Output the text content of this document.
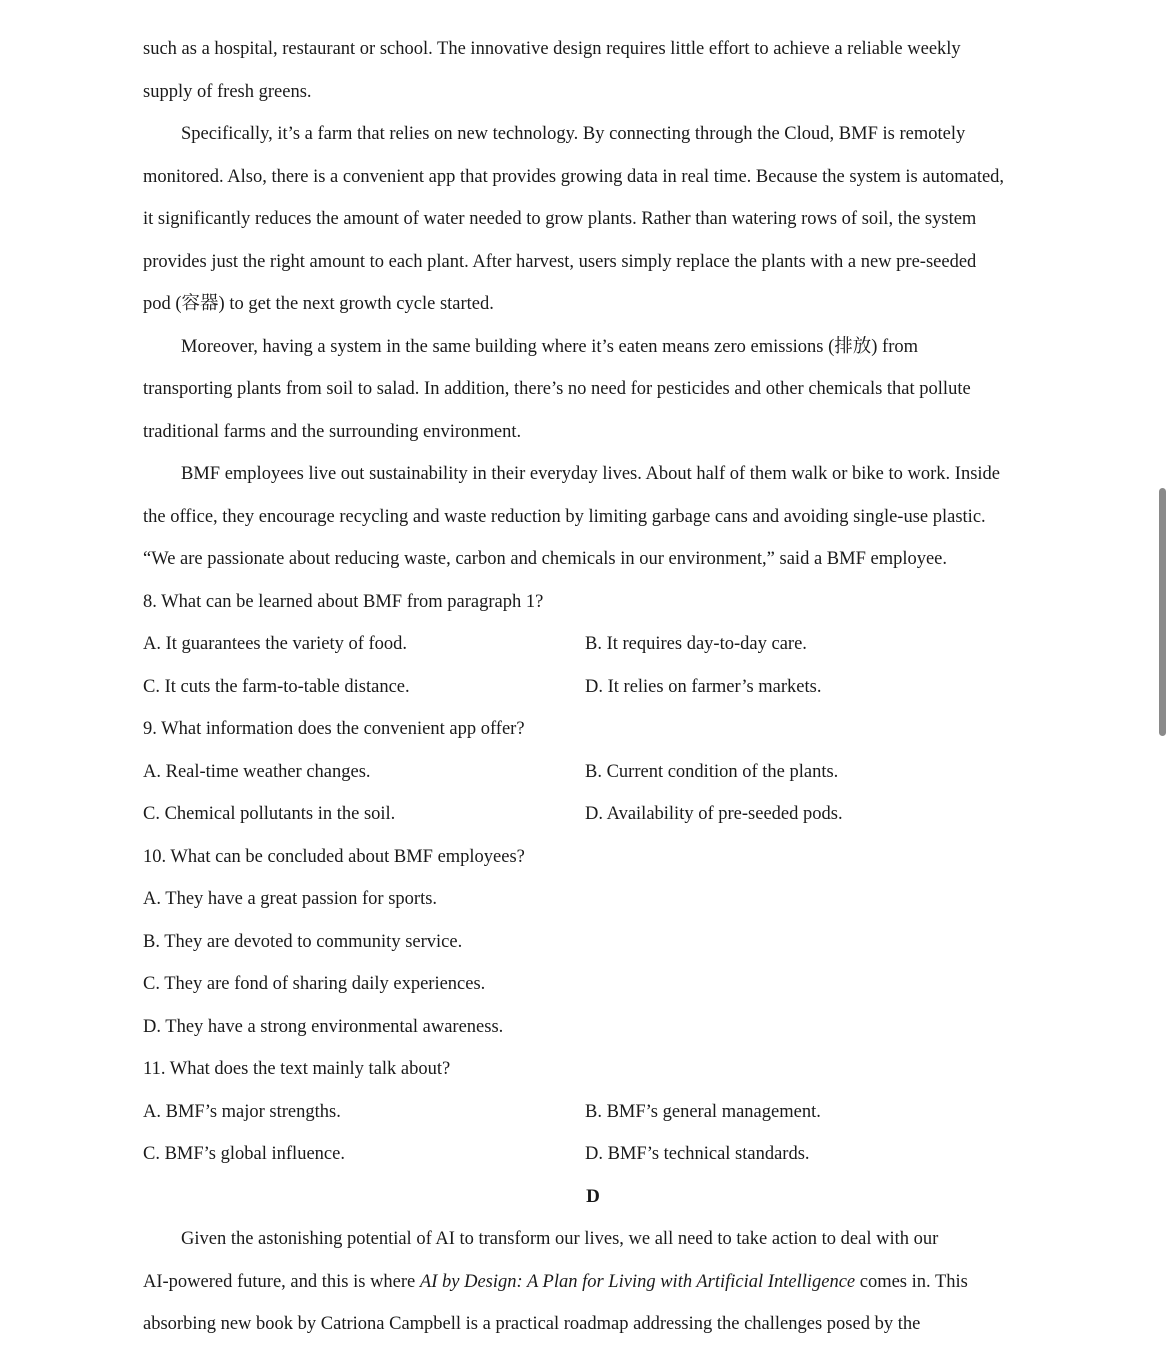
such as a hospital, restaurant or school. The innovative design requires little effort to achieve a reliable weekly
supply of fresh greens.
Specifically, it’s a farm that relies on new technology. By connecting through the Cloud, BMF is remotely
monitored. Also, there is a convenient app that provides growing data in real time. Because the system is automated,
it significantly reduces the amount of water needed to grow plants. Rather than watering rows of soil, the system
provides just the right amount to each plant. After harvest, users simply replace the plants with a new pre-seeded
pod (容器) to get the next growth cycle started.
Moreover, having a system in the same building where it’s eaten means zero emissions (排放) from
transporting plants from soil to salad. In addition, there’s no need for pesticides and other chemicals that pollute
traditional farms and the surrounding environment.
BMF employees live out sustainability in their everyday lives. About half of them walk or bike to work. Inside
the office, they encourage recycling and waste reduction by limiting garbage cans and avoiding single-use plastic.
“We are passionate about reducing waste, carbon and chemicals in our environment,” said a BMF employee.
8. What can be learned about BMF from paragraph 1?
A. It guarantees the variety of food.	B. It requires day-to-day care.
C. It cuts the farm-to-table distance.	D. It relies on farmer’s markets.
9. What information does the convenient app offer?
A. Real-time weather changes.	B. Current condition of the plants.
C. Chemical pollutants in the soil.	D. Availability of pre-seeded pods.
10. What can be concluded about BMF employees?
A. They have a great passion for sports.
B. They are devoted to community service.
C. They are fond of sharing daily experiences.
D. They have a strong environmental awareness.
11. What does the text mainly talk about?
A. BMF’s major strengths.	B. BMF’s general management.
C. BMF’s global influence.	D. BMF’s technical standards.
D
Given the astonishing potential of AI to transform our lives, we all need to take action to deal with our
AI-powered future, and this is where AI by Design: A Plan for Living with Artificial Intelligence comes in. This
absorbing new book by Catriona Campbell is a practical roadmap addressing the challenges posed by the
